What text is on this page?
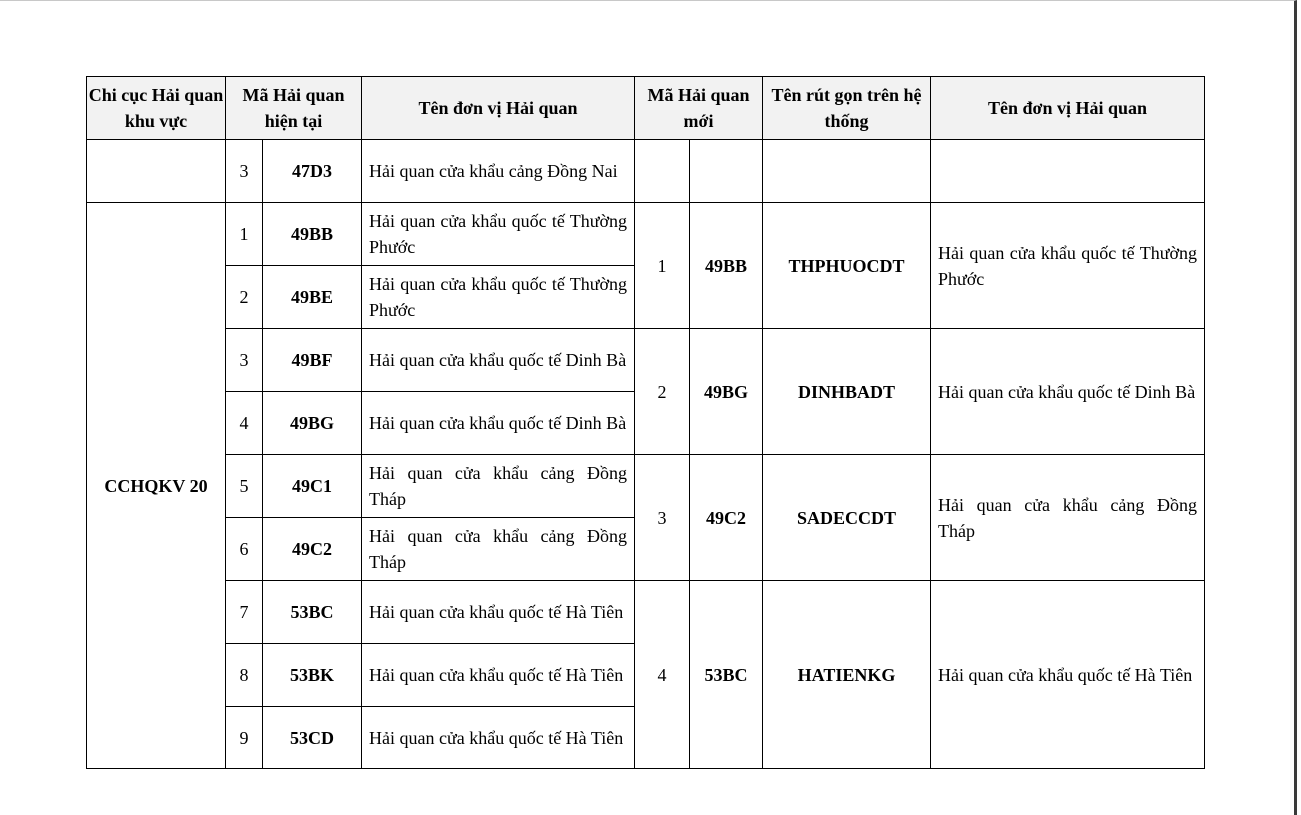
Chi cục Hải quan khu vực	Mã Hải quan hiện tại		Tên đơn vị Hải quan	Mã Hải quan mới		Tên rút gọn trên hệ thống	Tên đơn vị Hải quan
	3	47D3	Hải quan cửa khẩu cảng Đồng Nai				
CCHQKV 20	1	49BB	Hải quan cửa khẩu quốc tế Thường Phước	1	49BB	THPHUOCDT	Hải quan cửa khẩu quốc tế Thường Phước
	2	49BE	Hải quan cửa khẩu quốc tế Thường Phước				
	3	49BF	Hải quan cửa khẩu quốc tế Dinh Bà	2	49BG	DINHBADT	Hải quan cửa khẩu quốc tế Dinh Bà
	4	49BG	Hải quan cửa khẩu quốc tế Dinh Bà				
	5	49C1	Hải quan cửa khẩu cảng Đồng Tháp	3	49C2	SADECCDT	Hải quan cửa khẩu cảng Đồng Tháp
	6	49C2	Hải quan cửa khẩu cảng Đồng Tháp				
	7	53BC	Hải quan cửa khẩu quốc tế Hà Tiên	4	53BC	HATIENKG	Hải quan cửa khẩu quốc tế Hà Tiên
	8	53BK	Hải quan cửa khẩu quốc tế Hà Tiên				
	9	53CD	Hải quan cửa khẩu quốc tế Hà Tiên				
